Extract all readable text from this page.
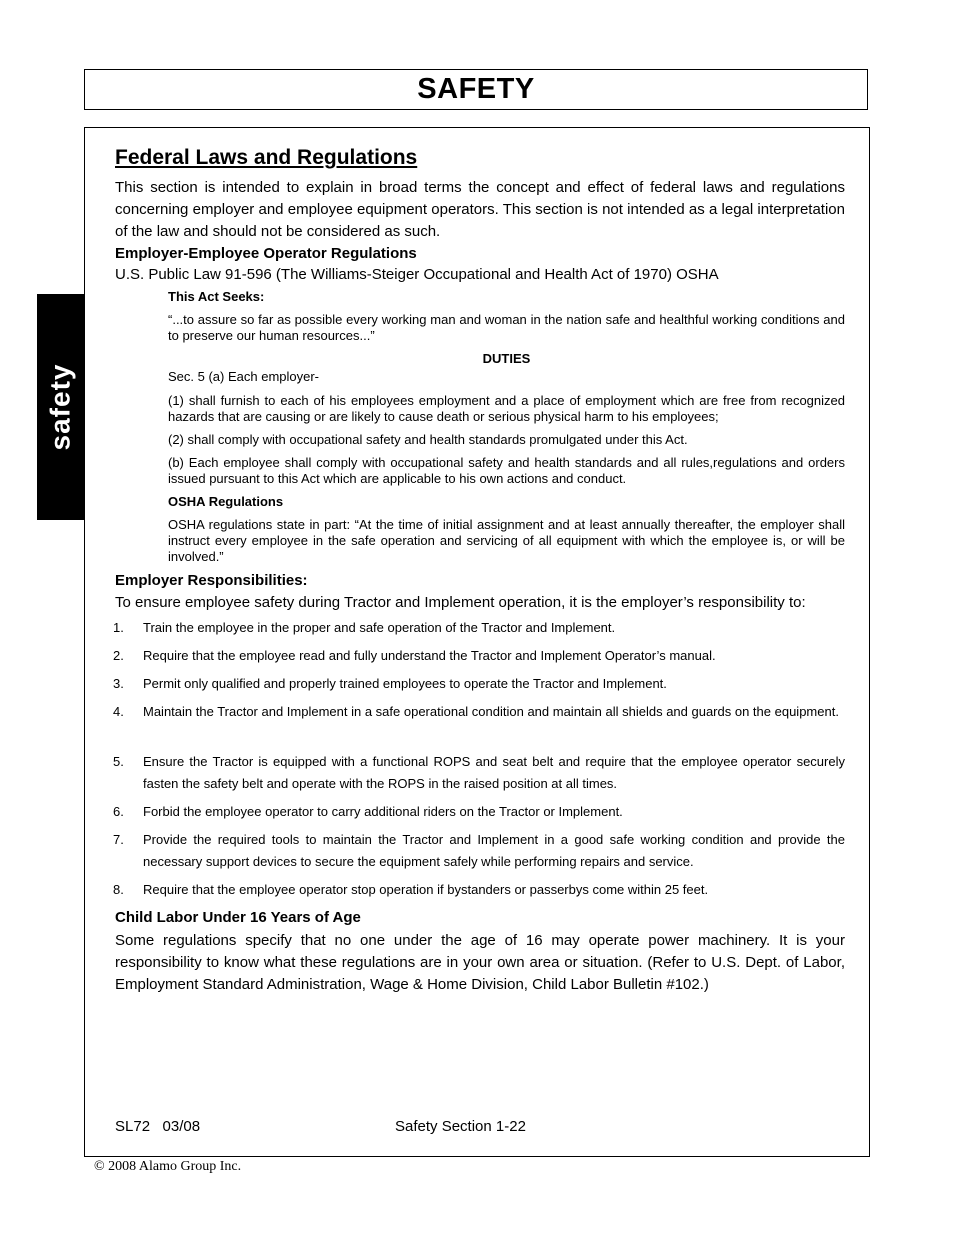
SAFETY
safety
Federal Laws and Regulations

This section is intended to explain in broad terms the concept and effect of federal laws and regulations concerning employer and employee equipment operators. This section is not intended as a legal interpretation of the law and should not be considered as such.

Employer-Employee Operator Regulations

U.S. Public Law 91-596 (The Williams-Steiger Occupational and Health Act of 1970) OSHA

This Act Seeks:

“...to assure so far as possible every working man and woman in the nation safe and healthful working conditions and to preserve our human resources...”

DUTIES

Sec. 5 (a) Each employer-

(1) shall furnish to each of his employees employment and a place of employment which are free from recognized hazards that are causing or are likely to cause death or serious physical harm to his employees;

(2) shall comply with occupational safety and health standards promulgated under this Act.

(b) Each employee shall comply with occupational safety and health standards and all rules,regulations and orders issued pursuant to this Act which are applicable to his own actions and conduct.

OSHA Regulations

OSHA regulations state in part: “At the time of initial assignment and at least annually thereafter, the employer shall instruct every employee in the safe operation and servicing of all equipment with which the employee is, or will be involved.”

Employer Responsibilities:

To ensure employee safety during Tractor and Implement operation, it is the employer’s responsibility to:

1.	Train the employee in the proper and safe operation of the Tractor and Implement.
2.	Require that the employee read and fully understand the Tractor and Implement Operator’s manual.
3.	Permit only qualified and properly trained employees to operate the Tractor and Implement.
4.	Maintain the Tractor and Implement in a safe operational condition and maintain all shields and guards on the equipment.
5.	Ensure the Tractor is equipped with a functional ROPS and seat belt and require that the employee operator securely fasten the safety belt and operate with the ROPS in the raised position at all times.
6.	Forbid the employee operator to carry additional riders on the Tractor or Implement.
7.	Provide the required tools to maintain the Tractor and Implement in a good safe working condition and provide the necessary support devices to secure the equipment safely while performing repairs and service.
8.	Require that the employee operator stop operation if bystanders or passerbys come within 25 feet.

Child Labor Under 16 Years of Age

Some regulations specify that no one under the age of 16 may operate power machinery. It is your responsibility to know what these regulations are in your own area or situation. (Refer to U.S. Dept. of Labor, Employment Standard Administration, Wage & Home Division, Child Labor Bulletin #102.)

SL72   03/08	Safety Section 1-22
© 2008 Alamo Group Inc.
